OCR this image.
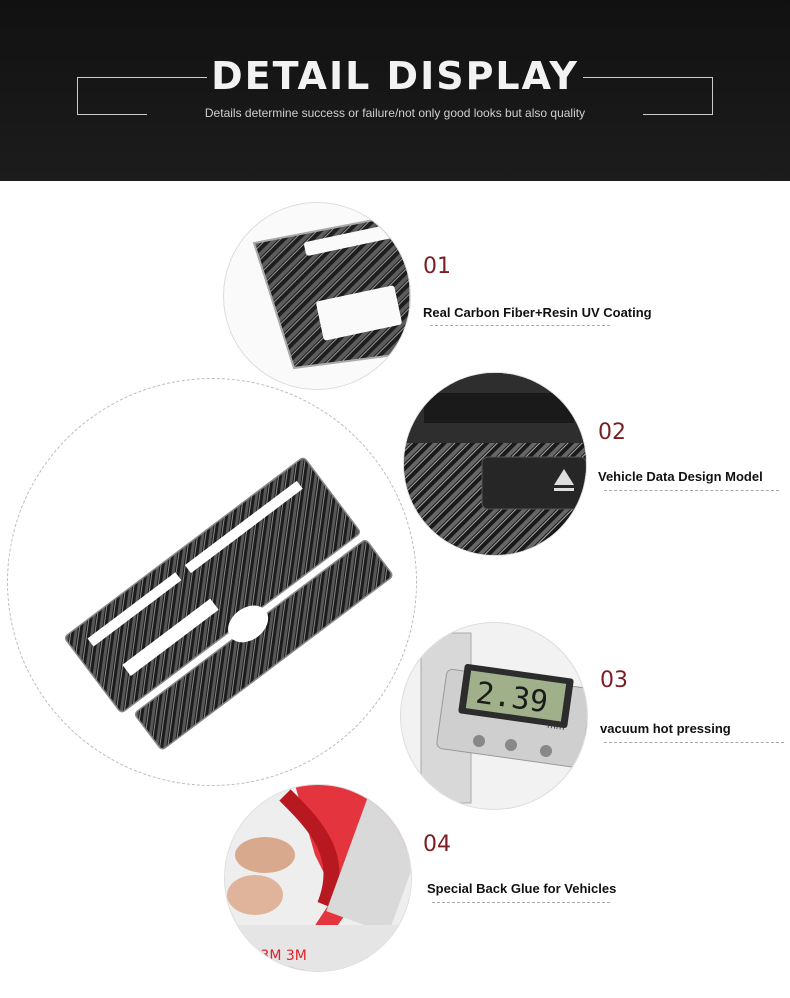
DETAIL DISPLAY
Details determine success or failure/not only good looks but also quality
01
Real Carbon Fiber+Resin UV Coating
02
Vehicle Data Design Model
2.39
mm
03
vacuum hot pressing
3M 3M 3M
04
Special Back Glue for Vehicles
